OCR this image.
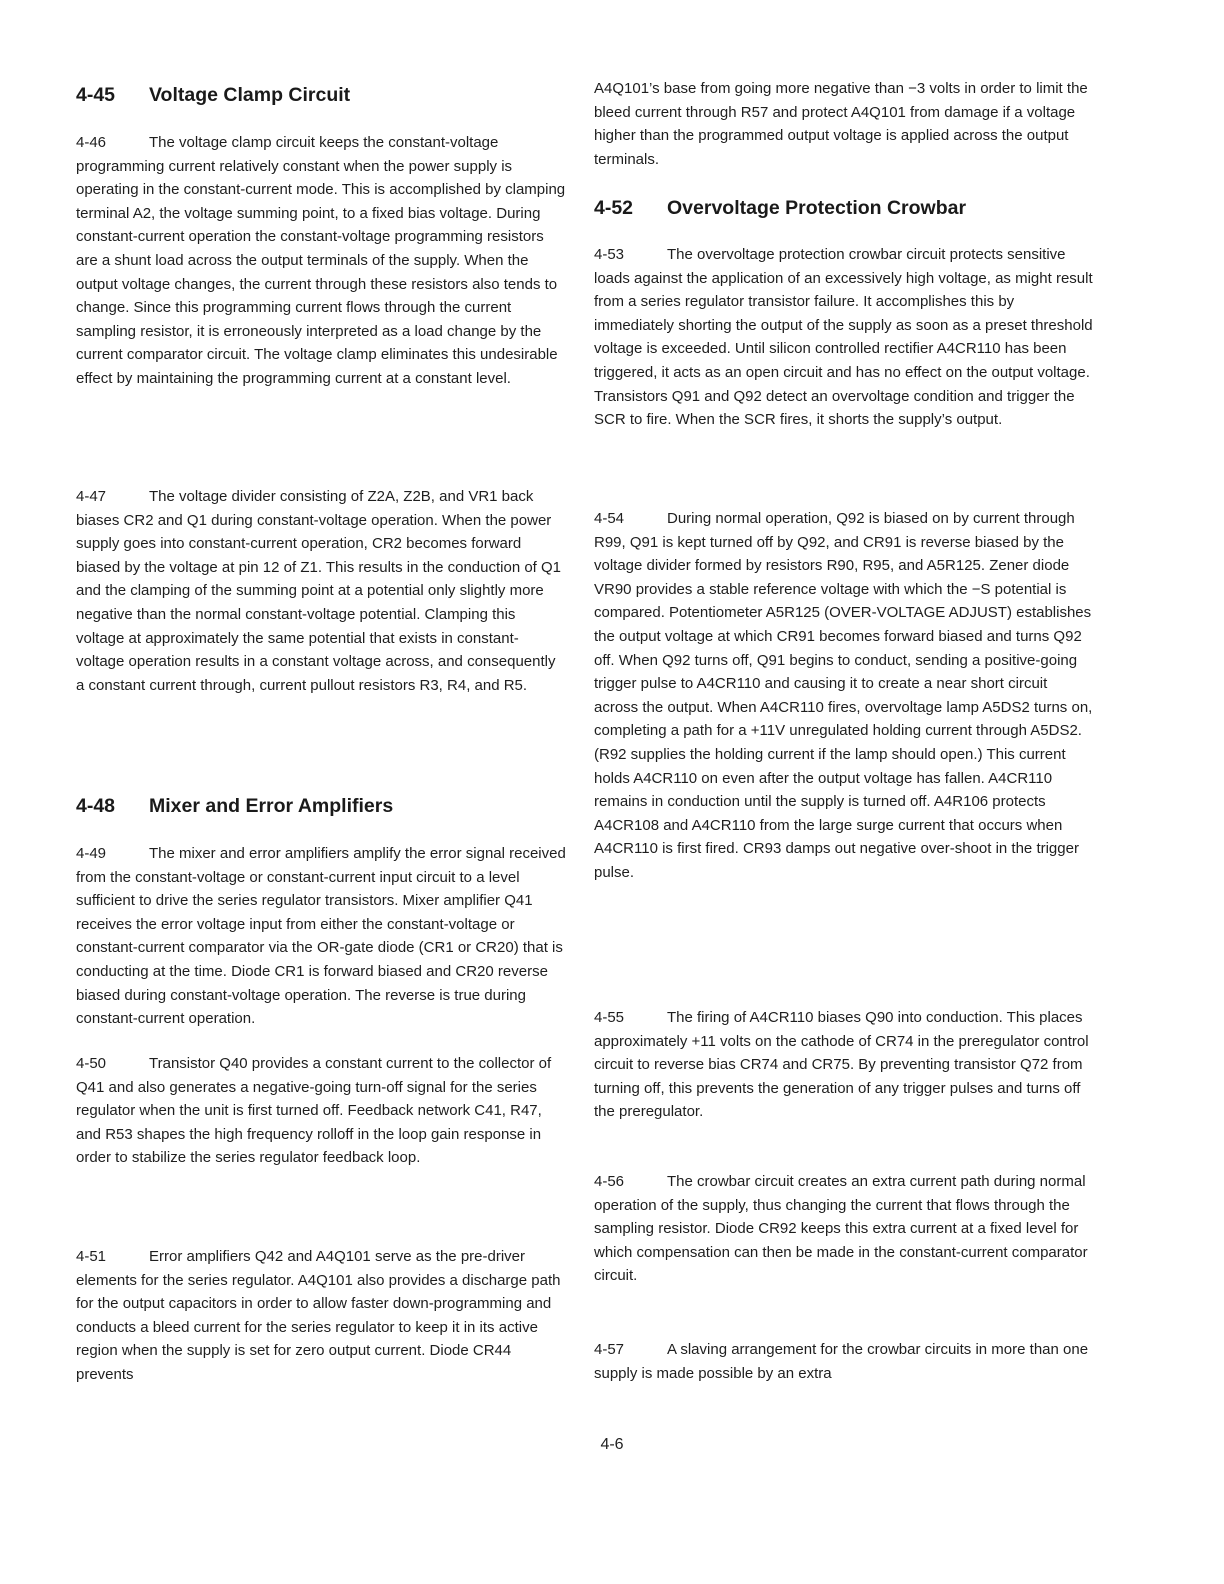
4-45 Voltage Clamp Circuit

4-46	The voltage clamp circuit keeps the constant-voltage programming current relatively constant when the power supply is operating in the constant-current mode. This is accomplished by clamping terminal A2, the voltage summing point, to a fixed bias voltage. During constant-current operation the constant-voltage programming resistors are a shunt load across the output terminals of the supply. When the output voltage changes, the current through these resistors also tends to change. Since this programming current flows through the current sampling resistor, it is erroneously interpreted as a load change by the current comparator circuit. The voltage clamp eliminates this undesirable effect by maintaining the programming current at a constant level.

4-47	The voltage divider consisting of Z2A, Z2B, and VR1 back biases CR2 and Q1 during constant-voltage operation. When the power supply goes into constant-current operation, CR2 becomes forward biased by the voltage at pin 12 of Z1. This results in the conduction of Q1 and the clamping of the summing point at a potential only slightly more negative than the normal constant-voltage potential. Clamping this voltage at approximately the same potential that exists in constant-voltage operation results in a constant voltage across, and consequently a constant current through, current pullout resistors R3, R4, and R5.

4-48 Mixer and Error Amplifiers

4-49	The mixer and error amplifiers amplify the error signal received from the constant-voltage or constant-current input circuit to a level sufficient to drive the series regulator transistors. Mixer amplifier Q41 receives the error voltage input from either the constant-voltage or constant-current comparator via the OR-gate diode (CR1 or CR20) that is conducting at the time. Diode CR1 is forward biased and CR20 reverse biased during constant-voltage operation. The reverse is true during constant-current operation.

4-50	Transistor Q40 provides a constant current to the collector of Q41 and also generates a negative-going turn-off signal for the series regulator when the unit is first turned off. Feedback network C41, R47, and R53 shapes the high frequency rolloff in the loop gain response in order to stabilize the series regulator feedback loop.

4-51	Error amplifiers Q42 and A4Q101 serve as the pre-driver elements for the series regulator. A4Q101 also provides a discharge path for the output capacitors in order to allow faster down-programming and conducts a bleed current for the series regulator to keep it in its active region when the supply is set for zero output current. Diode CR44 prevents

A4Q101’s base from going more negative than −3 volts in order to limit the bleed current through R57 and protect A4Q101 from damage if a voltage higher than the programmed output voltage is applied across the output terminals.

4-52 Overvoltage Protection Crowbar

4-53	The overvoltage protection crowbar circuit protects sensitive loads against the application of an excessively high voltage, as might result from a series regulator transistor failure. It accomplishes this by immediately shorting the output of the supply as soon as a preset threshold voltage is exceeded. Until silicon controlled rectifier A4CR110 has been triggered, it acts as an open circuit and has no effect on the output voltage. Transistors Q91 and Q92 detect an overvoltage condition and trigger the SCR to fire. When the SCR fires, it shorts the supply’s output.

4-54	During normal operation, Q92 is biased on by current through R99, Q91 is kept turned off by Q92, and CR91 is reverse biased by the voltage divider formed by resistors R90, R95, and A5R125. Zener diode VR90 provides a stable reference voltage with which the −S potential is compared. Potentiometer A5R125 (OVER-VOLTAGE ADJUST) establishes the output voltage at which CR91 becomes forward biased and turns Q92 off. When Q92 turns off, Q91 begins to conduct, sending a positive-going trigger pulse to A4CR110 and causing it to create a near short circuit across the output. When A4CR110 fires, overvoltage lamp A5DS2 turns on, completing a path for a +11V unregulated holding current through A5DS2. (R92 supplies the holding current if the lamp should open.) This current holds A4CR110 on even after the output voltage has fallen. A4CR110 remains in conduction until the supply is turned off. A4R106 protects A4CR108 and A4CR110 from the large surge current that occurs when A4CR110 is first fired. CR93 damps out negative over-shoot in the trigger pulse.

4-55	The firing of A4CR110 biases Q90 into conduction. This places approximately +11 volts on the cathode of CR74 in the preregulator control circuit to reverse bias CR74 and CR75. By preventing transistor Q72 from turning off, this prevents the generation of any trigger pulses and turns off the preregulator.

4-56	The crowbar circuit creates an extra current path during normal operation of the supply, thus changing the current that flows through the sampling resistor. Diode CR92 keeps this extra current at a fixed level for which compensation can then be made in the constant-current comparator circuit.

4-57	A slaving arrangement for the crowbar circuits in more than one supply is made possible by an extra

4-6
